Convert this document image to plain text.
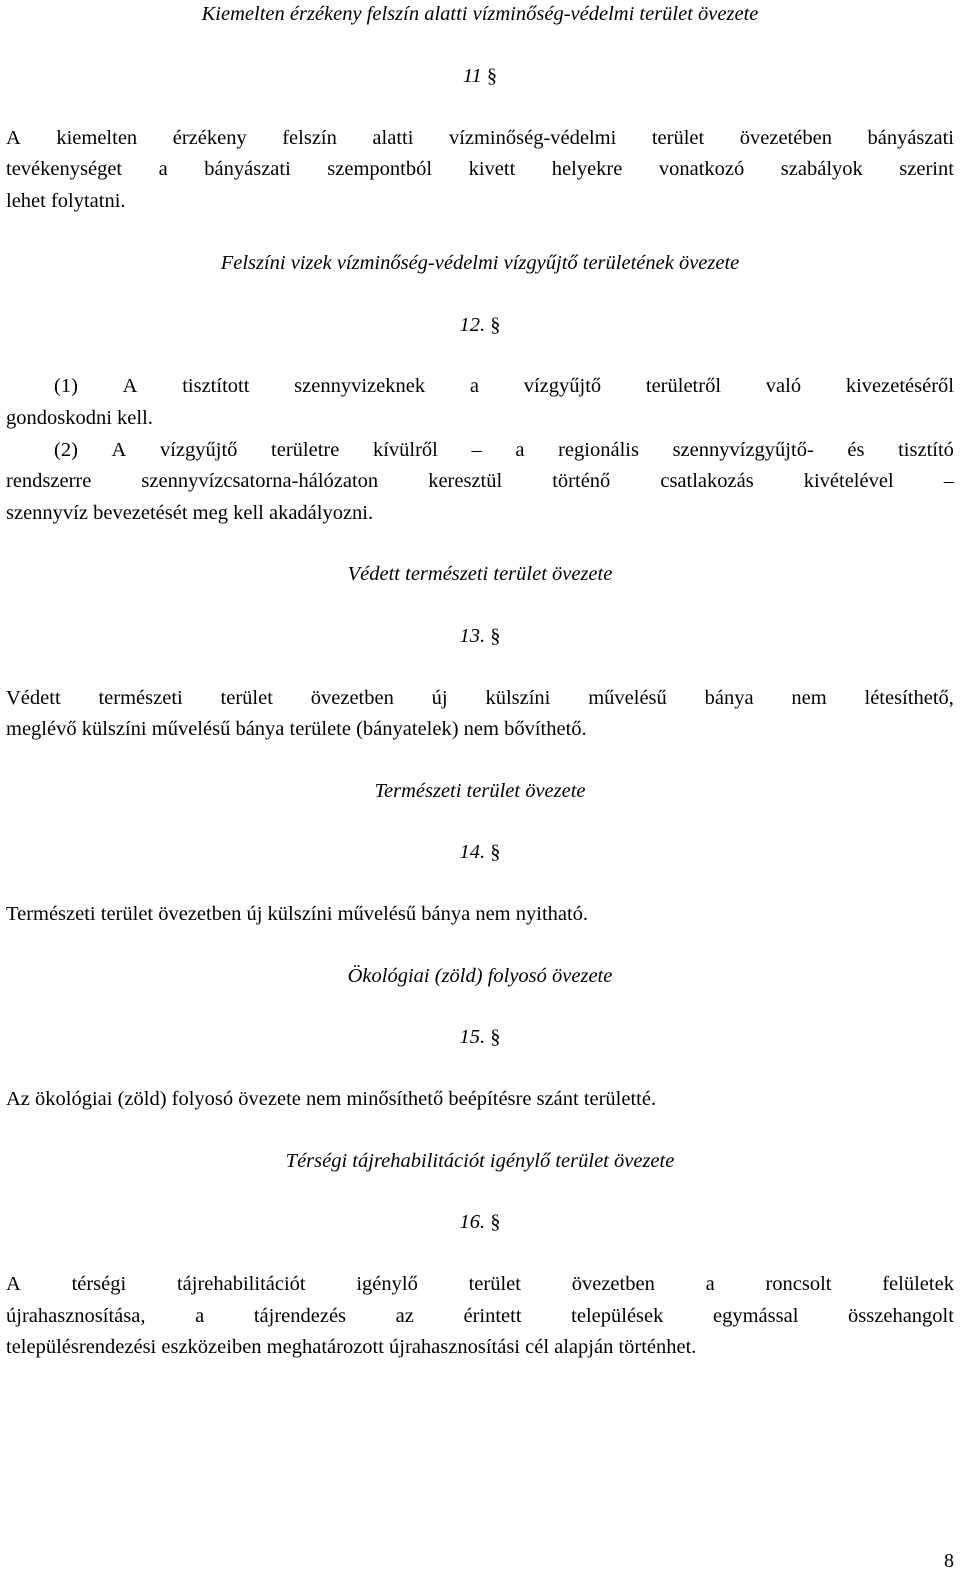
Kiemelten érzékeny felszín alatti vízminőség-védelmi terület övezete
11 §
A kiemelten érzékeny felszín alatti vízminőség-védelmi terület övezetében bányászati
tevékenységet a bányászati szempontból kivett helyekre vonatkozó szabályok szerint
lehet folytatni.
Felszíni vizek vízminőség-védelmi vízgyűjtő területének övezete
12. §
(1) A tisztított szennyvizeknek a vízgyűjtő területről való kivezetéséről
gondoskodni kell.
(2) A vízgyűjtő területre kívülről – a regionális szennyvízgyűjtő- és tisztító
rendszerre szennyvízcsatorna-hálózaton keresztül történő csatlakozás kivételével –
szennyvíz bevezetését meg kell akadályozni.
Védett természeti terület övezete
13. §
Védett természeti terület övezetben új külszíni művelésű bánya nem létesíthető,
meglévő külszíni művelésű bánya területe (bányatelek) nem bővíthető.
Természeti terület övezete
14. §
Természeti terület övezetben új külszíni művelésű bánya nem nyitható.
Ökológiai (zöld) folyosó övezete
15. §
Az ökológiai (zöld) folyosó övezete nem minősíthető beépítésre szánt területté.
Térségi tájrehabilitációt igénylő terület övezete
16. §
A térségi tájrehabilitációt igénylő terület övezetben a roncsolt felületek
újrahasznosítása, a tájrendezés az érintett települések egymással összehangolt
településrendezési eszközeiben meghatározott újrahasznosítási cél alapján történhet.
8
